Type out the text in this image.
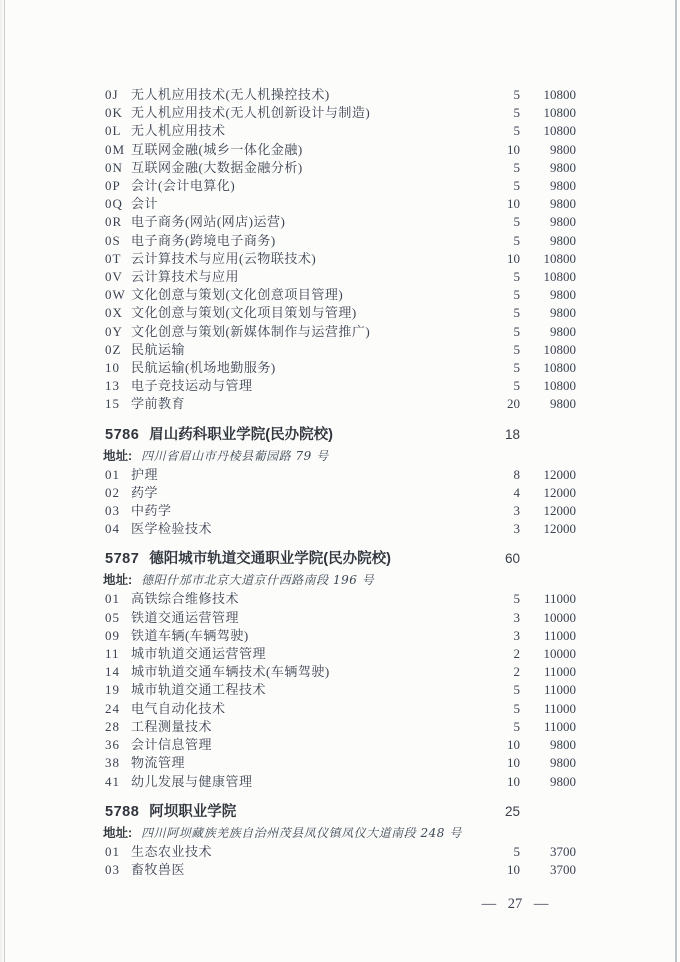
0J 无人机应用技术(无人机操控技术)	5	10800
0K 无人机应用技术(无人机创新设计与制造)	5	10800
0L 无人机应用技术	5	10800
0M 互联网金融(城乡一体化金融)	10	9800
0N 互联网金融(大数据金融分析)	5	9800
0P 会计(会计电算化)	5	9800
0Q 会计	10	9800
0R 电子商务(网站(网店)运营)	5	9800
0S 电子商务(跨境电子商务)	5	9800
0T 云计算技术与应用(云物联技术)	10	10800
0V 云计算技术与应用	5	10800
0W 文化创意与策划(文化创意项目管理)	5	9800
0X 文化创意与策划(文化项目策划与管理)	5	9800
0Y 文化创意与策划(新媒体制作与运营推广)	5	9800
0Z 民航运输	5	10800
10 民航运输(机场地勤服务)	5	10800
13 电子竞技运动与管理	5	10800
15 学前教育	20	9800
5786 眉山药科职业学院(民办院校)	18
地址: 四川省眉山市丹棱县葡园路 79 号
01 护理	8	12000
02 药学	4	12000
03 中药学	3	12000
04 医学检验技术	3	12000
5787 德阳城市轨道交通职业学院(民办院校)	60
地址: 德阳什邡市北京大道京什西路南段 196 号
01 高铁综合维修技术	5	11000
05 铁道交通运营管理	3	10000
09 铁道车辆(车辆驾驶)	3	11000
11 城市轨道交通运营管理	2	10000
14 城市轨道交通车辆技术(车辆驾驶)	2	11000
19 城市轨道交通工程技术	5	11000
24 电气自动化技术	5	11000
28 工程测量技术	5	11000
36 会计信息管理	10	9800
38 物流管理	10	9800
41 幼儿发展与健康管理	10	9800
5788 阿坝职业学院	25
地址: 四川阿坝藏族羌族自治州茂县凤仪镇凤仪大道南段 248 号
01 生态农业技术	5	3700
03 畜牧兽医	10	3700
— 27 —
